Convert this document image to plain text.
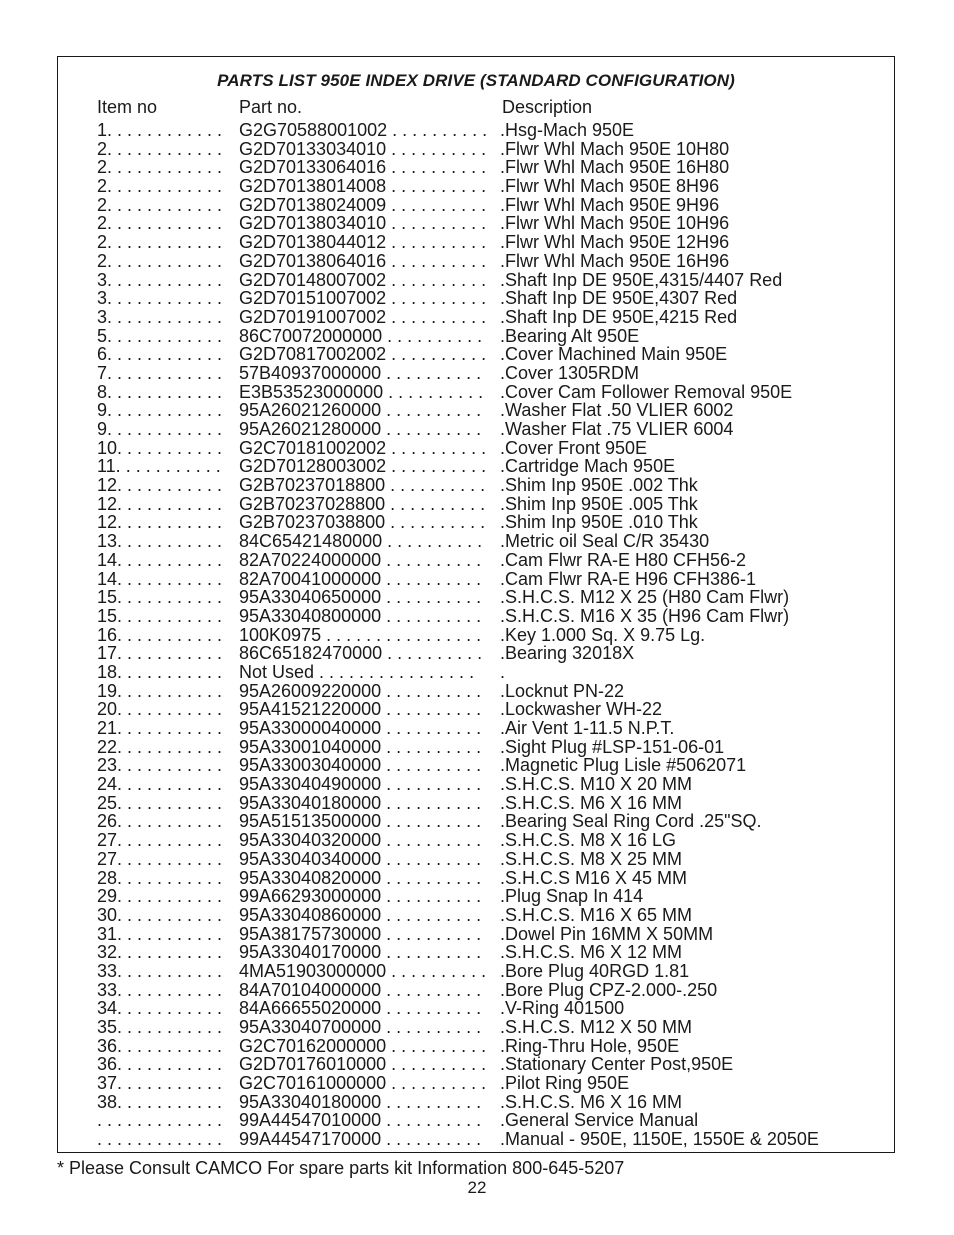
PARTS LIST 950E INDEX DRIVE (STANDARD CONFIGURATION)
Item no	Part no.	Description
1. . . . . . . . . . . . G2G70588001002 . . . . . . . . . . .Hsg-Mach 950E
2. . . . . . . . . . . . G2D70133034010 . . . . . . . . . . .Flwr Whl Mach 950E 10H80
2. . . . . . . . . . . . G2D70133064016 . . . . . . . . . . .Flwr Whl Mach 950E 16H80
2. . . . . . . . . . . . G2D70138014008 . . . . . . . . . . .Flwr Whl Mach 950E 8H96
2. . . . . . . . . . . . G2D70138024009 . . . . . . . . . . .Flwr Whl Mach 950E 9H96
2. . . . . . . . . . . . G2D70138034010 . . . . . . . . . . .Flwr Whl Mach 950E 10H96
2. . . . . . . . . . . . G2D70138044012 . . . . . . . . . . .Flwr Whl Mach 950E 12H96
2. . . . . . . . . . . . G2D70138064016 . . . . . . . . . . .Flwr Whl Mach 950E 16H96
3. . . . . . . . . . . . G2D70148007002 . . . . . . . . . . .Shaft Inp DE 950E,4315/4407 Red
3. . . . . . . . . . . . G2D70151007002 . . . . . . . . . . .Shaft Inp DE 950E,4307 Red
3. . . . . . . . . . . . G2D70191007002 . . . . . . . . . . .Shaft Inp DE 950E,4215 Red
5. . . . . . . . . . . . 86C70072000000 . . . . . . . . . . .Bearing Alt 950E
6. . . . . . . . . . . . G2D70817002002 . . . . . . . . . . .Cover Machined Main 950E
7. . . . . . . . . . . . 57B40937000000 . . . . . . . . . . .Cover 1305RDM
8. . . . . . . . . . . . E3B53523000000 . . . . . . . . . . .Cover Cam Follower Removal 950E
9. . . . . . . . . . . . 95A26021260000 . . . . . . . . . . .Washer Flat .50 VLIER 6002
9. . . . . . . . . . . . 95A26021280000 . . . . . . . . . . .Washer Flat .75 VLIER 6004
10. . . . . . . . . . . G2C70181002002 . . . . . . . . . . .Cover Front 950E
11. . . . . . . . . . . G2D70128003002 . . . . . . . . . . .Cartridge Mach 950E
12. . . . . . . . . . . G2B70237018800 . . . . . . . . . . .Shim Inp 950E .002 Thk
12. . . . . . . . . . . G2B70237028800 . . . . . . . . . . .Shim Inp 950E .005 Thk
12. . . . . . . . . . . G2B70237038800 . . . . . . . . . . .Shim Inp 950E .010 Thk
13. . . . . . . . . . . 84C65421480000 . . . . . . . . . . .Metric oil Seal C/R 35430
14. . . . . . . . . . . 82A70224000000 . . . . . . . . . . .Cam Flwr RA-E H80 CFH56-2
14. . . . . . . . . . . 82A70041000000 . . . . . . . . . . .Cam Flwr RA-E H96 CFH386-1
15. . . . . . . . . . . 95A33040650000 . . . . . . . . . . .S.H.C.S. M12 X 25 (H80 Cam Flwr)
15. . . . . . . . . . . 95A33040800000 . . . . . . . . . . .S.H.C.S. M16 X 35 (H96 Cam Flwr)
16. . . . . . . . . . . 100K0975 . . . . . . . . . . . . . . . . .Key 1.000 Sq. X 9.75 Lg.
17. . . . . . . . . . . 86C65182470000 . . . . . . . . . . .Bearing 32018X
18. . . . . . . . . . . Not Used . . . . . . . . . . . . . . . . .
19. . . . . . . . . . . 95A26009220000 . . . . . . . . . . .Locknut PN-22
20. . . . . . . . . . . 95A41521220000 . . . . . . . . . . .Lockwasher WH-22
21. . . . . . . . . . . 95A33000040000 . . . . . . . . . . .Air Vent 1-11.5 N.P.T.
22. . . . . . . . . . . 95A33001040000 . . . . . . . . . . .Sight Plug #LSP-151-06-01
23. . . . . . . . . . . 95A33003040000 . . . . . . . . . . .Magnetic Plug Lisle #5062071
24. . . . . . . . . . . 95A33040490000 . . . . . . . . . . .S.H.C.S. M10 X 20 MM
25. . . . . . . . . . . 95A33040180000 . . . . . . . . . . .S.H.C.S. M6 X 16 MM
26. . . . . . . . . . . 95A51513500000 . . . . . . . . . . .Bearing Seal Ring Cord .25"SQ.
27. . . . . . . . . . . 95A33040320000 . . . . . . . . . . .S.H.C.S. M8 X 16 LG
27. . . . . . . . . . . 95A33040340000 . . . . . . . . . . .S.H.C.S. M8 X 25 MM
28. . . . . . . . . . . 95A33040820000 . . . . . . . . . . .S.H.C.S M16 X 45 MM
29. . . . . . . . . . . 99A66293000000 . . . . . . . . . . .Plug Snap In 414
30. . . . . . . . . . . 95A33040860000 . . . . . . . . . . .S.H.C.S. M16 X 65 MM
31. . . . . . . . . . . 95A38175730000 . . . . . . . . . . .Dowel Pin 16MM X 50MM
32. . . . . . . . . . . 95A33040170000 . . . . . . . . . . .S.H.C.S. M6 X 12 MM
33. . . . . . . . . . . 4MA51903000000 . . . . . . . . . . .Bore Plug 40RGD 1.81
33. . . . . . . . . . . 84A70104000000 . . . . . . . . . . .Bore Plug CPZ-2.000-.250
34. . . . . . . . . . . 84A66655020000 . . . . . . . . . . .V-Ring 401500
35. . . . . . . . . . . 95A33040700000 . . . . . . . . . . .S.H.C.S. M12 X 50 MM
36. . . . . . . . . . . G2C70162000000 . . . . . . . . . . .Ring-Thru Hole, 950E
36. . . . . . . . . . . G2D70176010000 . . . . . . . . . . .Stationary Center Post,950E
37. . . . . . . . . . . G2C70161000000 . . . . . . . . . . .Pilot Ring 950E
38. . . . . . . . . . . 95A33040180000 . . . . . . . . . . .S.H.C.S. M6 X 16 MM
. . . . . . . . . . . . . 99A44547010000 . . . . . . . . . . .General Service Manual
. . . . . . . . . . . . . 99A44547170000 . . . . . . . . . . .Manual - 950E, 1150E, 1550E & 2050E
* Please Consult CAMCO For spare parts kit Information 800-645-5207
22
